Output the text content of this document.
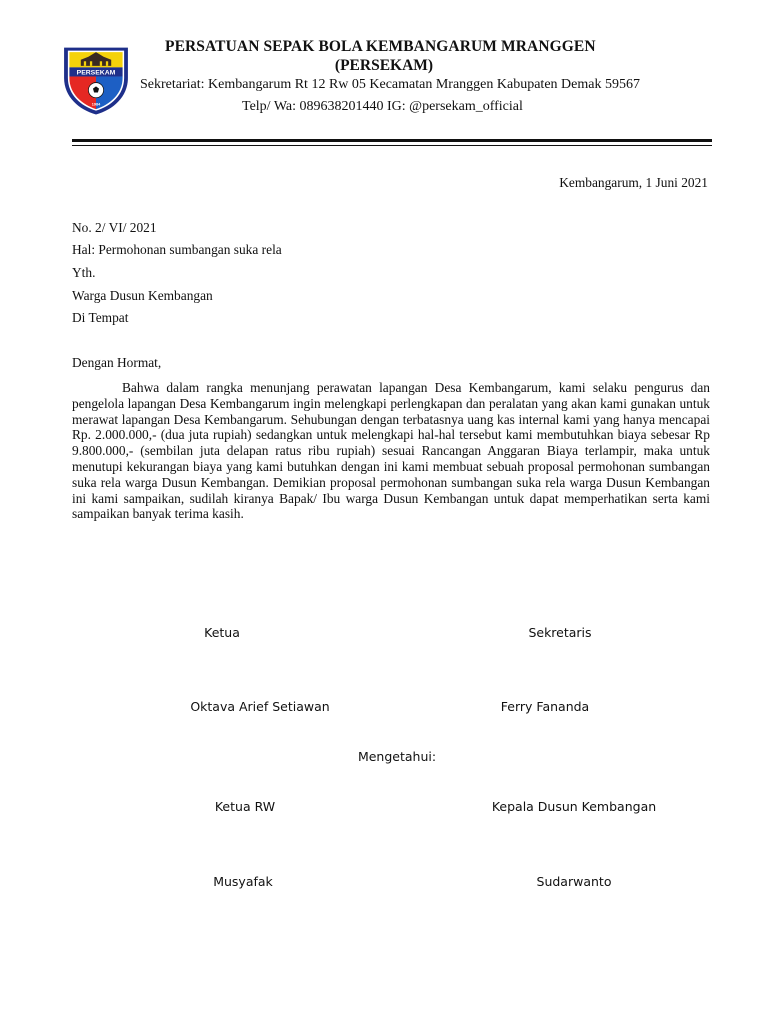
PERSEKAM
1984
PERSATUAN SEPAK BOLA KEMBANGARUM MRANGGEN
(PERSEKAM)
Sekretariat: Kembangarum Rt 12 Rw 05 Kecamatan Mranggen Kabupaten Demak 59567
Telp/ Wa: 089638201440 IG: @persekam_official
Kembangarum, 1 Juni 2021
No. 2/ VI/ 2021
Hal: Permohonan sumbangan suka rela
Yth.
Warga Dusun Kembangan
Di Tempat
Dengan Hormat,
Bahwa dalam rangka menunjang perawatan lapangan Desa Kembangarum, kami selaku pengurus dan pengelola lapangan Desa Kembangarum ingin melengkapi perlengkapan dan peralatan yang akan kami gunakan untuk merawat lapangan Desa Kembangarum. Sehubungan dengan terbatasnya uang kas internal kami yang hanya mencapai Rp. 2.000.000,- (dua juta rupiah) sedangkan untuk melengkapi hal-hal tersebut kami membutuhkan biaya sebesar Rp 9.800.000,- (sembilan juta delapan ratus ribu rupiah) sesuai Rancangan Anggaran Biaya terlampir, maka untuk menutupi kekurangan biaya yang kami butuhkan dengan ini kami membuat sebuah proposal permohonan sumbangan suka rela warga Dusun Kembangan. Demikian proposal permohonan sumbangan suka rela warga Dusun Kembangan ini kami sampaikan, sudilah kiranya Bapak/ Ibu warga Dusun Kembangan untuk dapat memperhatikan serta kami sampaikan banyak terima kasih.
Ketua	Sekretaris
Oktava Arief Setiawan	Ferry Fananda
Mengetahui:
Ketua RW	Kepala Dusun Kembangan
Musyafak	Sudarwanto
